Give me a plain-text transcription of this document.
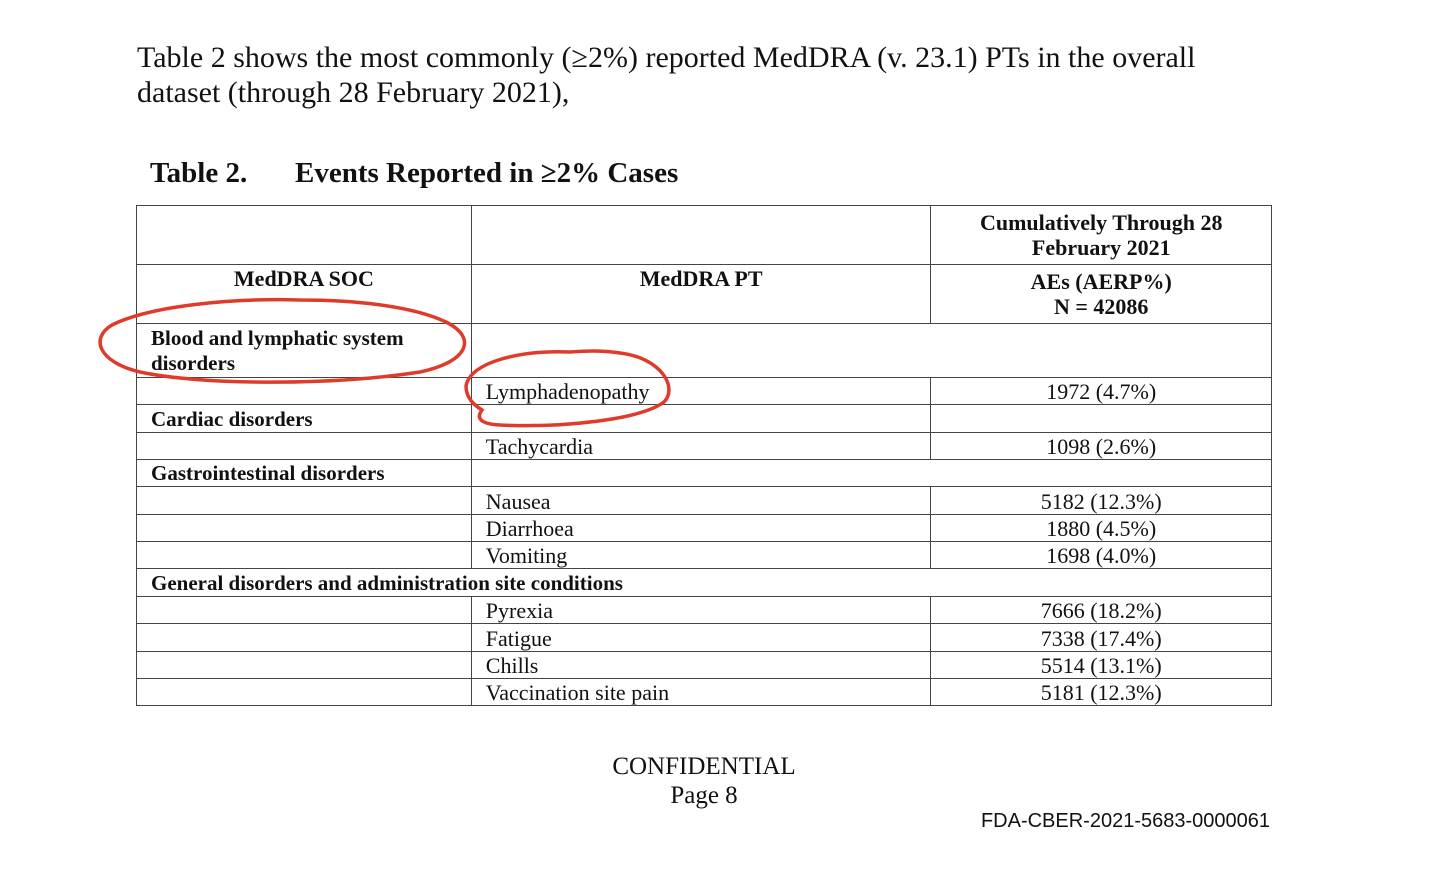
Table 2 shows the most commonly (≥2%) reported MedDRA (v. 23.1) PTs in the overall dataset (through 28 February 2021),

Table 2. Events Reported in ≥2% Cases
		Cumulatively Through 28 February 2021
MedDRA SOC	MedDRA PT	AEs (AERP%)
N = 42086

Blood and lymphatic system disorders		
	Lymphadenopathy	1972 (4.7%)
Cardiac disorders		
	Tachycardia	1098 (2.6%)
Gastrointestinal disorders		
	Nausea	5182 (12.3%)
	Diarrhoea	1880 (4.5%)
	Vomiting	1698 (4.0%)
General disorders and administration site conditions		
	Pyrexia	7666 (18.2%)
	Fatigue	7338 (17.4%)
	Chills	5514 (13.1%)
	Vaccination site pain	5181 (12.3%)
CONFIDENTIAL
Page 8
FDA-CBER-2021-5683-0000061
